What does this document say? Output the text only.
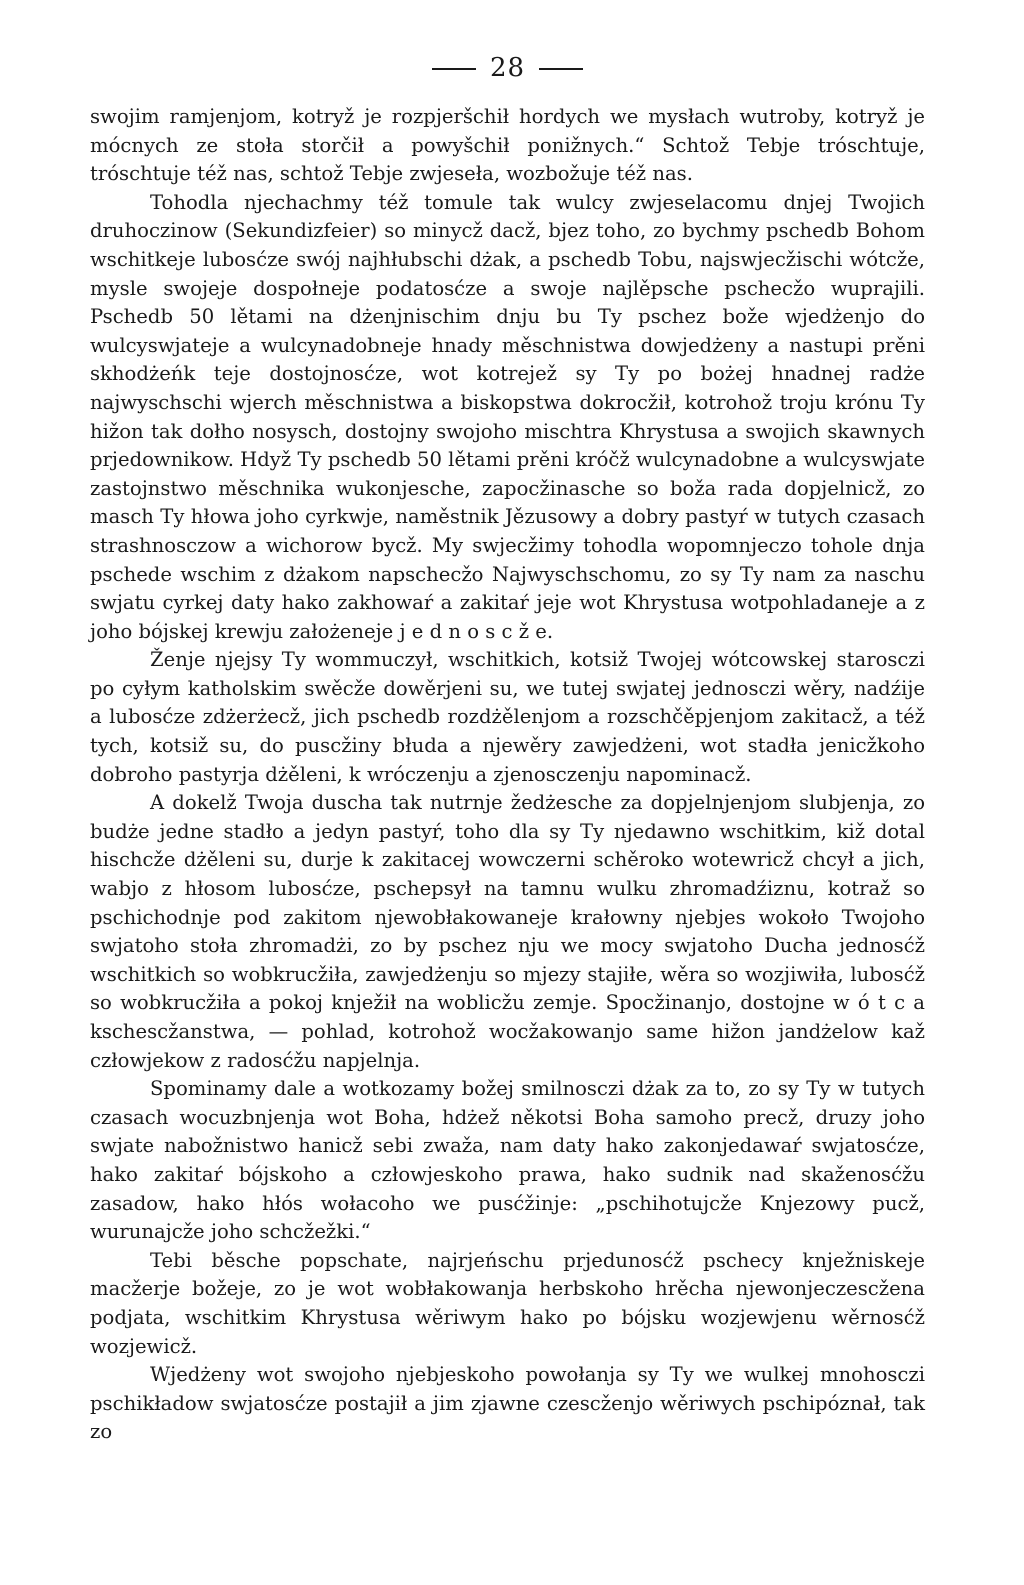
28

swojim ramjenjom, kotryž je rozpjeršchił hordych we mysłach wutroby, kotryž je mócnych ze stoła storčił a powyšchił ponižnych.“ Schtož Tebje tróschtuje, tróschtuje též nas, schtož Tebje zwjeseła, wozbožuje též nas.

Tohodla njechachmy též tomule tak wulcy zwjeselacomu dnjej Twojich druhoczinow (Sekundizfeier) so minycž dacž, bjez toho, zo bychmy pschedb Bohom wschitkeje lubosćze swój najhłubschi dżak, a pschedb Tobu, najswjecžischi wótcže, mysle swojeje dospołneje podatosćze a swoje najlěpsche pschecžo wuprajili. Pschedb 50 lětami na dżenjnischim dnju bu Ty pschez bože wjedżenjo do wulcyswjateje a wulcynadobneje hnady měschnistwa dowjedżeny a nastupi prěni skhodżeńk teje dostojnosćze, wot kotrejež sy Ty po bożej hnadnej radże najwyschschi wjerch měschnistwa a biskopstwa dokrocžił, kotrohož troju krónu Ty hižon tak dołho nosysch, dostojny swojoho mischtra Khrystusa a swojich skawnych prjedownikow. Hdyž Ty pschedb 50 lětami prěni króčž wulcynadobne a wulcyswjate zastojnstwo měschnika wukonjesche, zapocžinasche so boža rada dopjelnicž, zo masch Ty hłowa joho cyrkwje, naměstnik Jězusowy a dobry pastyŕ w tutych czasach strashnosczow a wichorow bycž. My swjecžimy tohodla wopomnjeczo tohole dnja pschede wschim z dżakom napschecžo Najwyschschomu, zo sy Ty nam za naschu swjatu cyrkej daty hako zakhowaŕ a zakitaŕ jeje wot Khrystusa wotpohladaneje a z joho bójskej krewju założeneje j e d n o s c ž e.

Ženje njejsy Ty wommuczył, wschitkich, kotsiž Twojej wótcowskej starosczi po cyłym katholskim swěcže dowěrjeni su, we tutej swjatej jednosczi wěry, nadźije a lubosćze zdżerżecž, jich pschedb rozdżělenjom a rozschčěpjenjom zakitacž, a též tych, kotsiž su, do puscžiny błuda a njewěry zawjedżeni, wot stadła jenicžkoho dobroho pastyrja dżěleni, k wróczenju a zjenosczenju napominacž.

A dokelž Twoja duscha tak nutrnje žedżesche za dopjelnjenjom slubjenja, zo budże jedne stadło a jedyn pastyŕ, toho dla sy Ty njedawno wschitkim, kiž dotal hischcže dżěleni su, durje k zakitacej wowczerni schěroko wotewricž chcył a jich, wabjo z hłosom lubosćze, pschepsył na tamnu wulku zhromadźiznu, kotraž so pschichodnje pod zakitom njewobłakowaneje krałowny njebjes wokoło Twojoho swjatoho stoła zhromadżi, zo by pschez nju we mocy swjatoho Ducha jednosćž wschitkich so wobkrucžiła, zawjedżenju so mjezy stajiłe, wěra so wozjiwiła, lubosćž so wobkrucžiła a pokoj knježił na woblicžu zemje. Spocžinanjo, dostojne w ó t c a kschescžanstwa, — pohlad, kotrohož wocžakowanjo same hižon jandżelow kaž człowjekow z radosćžu napjelnja.

Spominamy dale a wotkozamy božej smilnosczi dżak za to, zo sy Ty w tutych czasach wocuzbnjenja wot Boha, hdżež někotsi Boha samoho precž, druzy joho swjate nabožnistwo hanicž sebi zwaža, nam daty hako zakonjedawaŕ swjatosćze, hako zakitaŕ bójskoho a człowjeskoho prawa, hako sudnik nad skaženosćžu zasadow, hako hłós wołacoho we pusćžinje: „pschihotujcže Knjezowy pucž, wurunajcže joho schcžežki.“

Tebi běsche popschate, najrjeńschu prjedunosćž pschecy knježniskeje macžerje božeje, zo je wot wobłakowanja herbskoho hrěcha njewonjeczescžena podjata, wschitkim Khrystusa wěriwym hako po bójsku wozjewjenu wěrnosćž wozjewicž.

Wjedżeny wot swojoho njebjeskoho powołanja sy Ty we wulkej mnohosczi pschikładow swjatosćze postajił a jim zjawne czescženjo wěriwych pschipóznał, tak zo
